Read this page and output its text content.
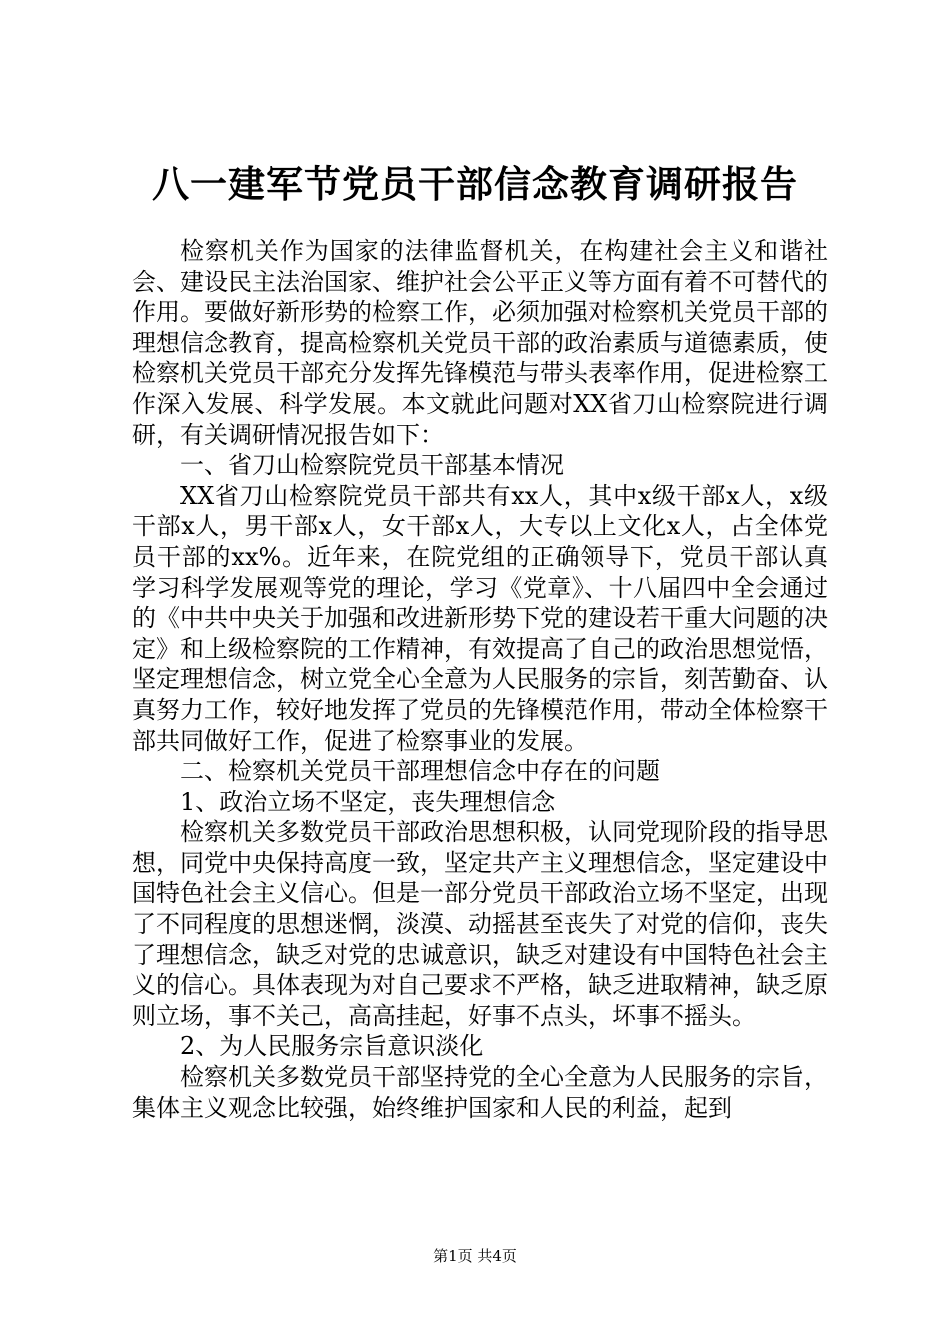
八一建军节党员干部信念教育调研报告

检察机关作为国家的法律监督机关，在构建社会主义和谐社会、建设民主法治国家、维护社会公平正义等方面有着不可替代的作用。要做好新形势的检察工作，必须加强对检察机关党员干部的理想信念教育，提高检察机关党员干部的政治素质与道德素质，使检察机关党员干部充分发挥先锋模范与带头表率作用，促进检察工作深入发展、科学发展。本文就此问题对XX省刀山检察院进行调研，有关调研情况报告如下：

一、省刀山检察院党员干部基本情况

XX省刀山检察院党员干部共有xx人，其中x级干部x人，x级干部x人，男干部x人，女干部x人，大专以上文化x人，占全体党员干部的xx%。近年来，在院党组的正确领导下，党员干部认真学习科学发展观等党的理论，学习《党章》、十八届四中全会通过的《中共中央关于加强和改进新形势下党的建设若干重大问题的决定》和上级检察院的工作精神，有效提高了自己的政治思想觉悟，坚定理想信念，树立党全心全意为人民服务的宗旨，刻苦勤奋、认真努力工作，较好地发挥了党员的先锋模范作用，带动全体检察干部共同做好工作，促进了检察事业的发展。

二、检察机关党员干部理想信念中存在的问题

1、政治立场不坚定，丧失理想信念

检察机关多数党员干部政治思想积极，认同党现阶段的指导思想，同党中央保持高度一致，坚定共产主义理想信念，坚定建设中国特色社会主义信心。但是一部分党员干部政治立场不坚定，出现了不同程度的思想迷惘，淡漠、动摇甚至丧失了对党的信仰，丧失了理想信念，缺乏对党的忠诚意识，缺乏对建设有中国特色社会主义的信心。具体表现为对自己要求不严格，缺乏进取精神，缺乏原则立场，事不关己，高高挂起，好事不点头，坏事不摇头。

2、为人民服务宗旨意识淡化

检察机关多数党员干部坚持党的全心全意为人民服务的宗旨，集体主义观念比较强，始终维护国家和人民的利益，起到

第1页 共4页
